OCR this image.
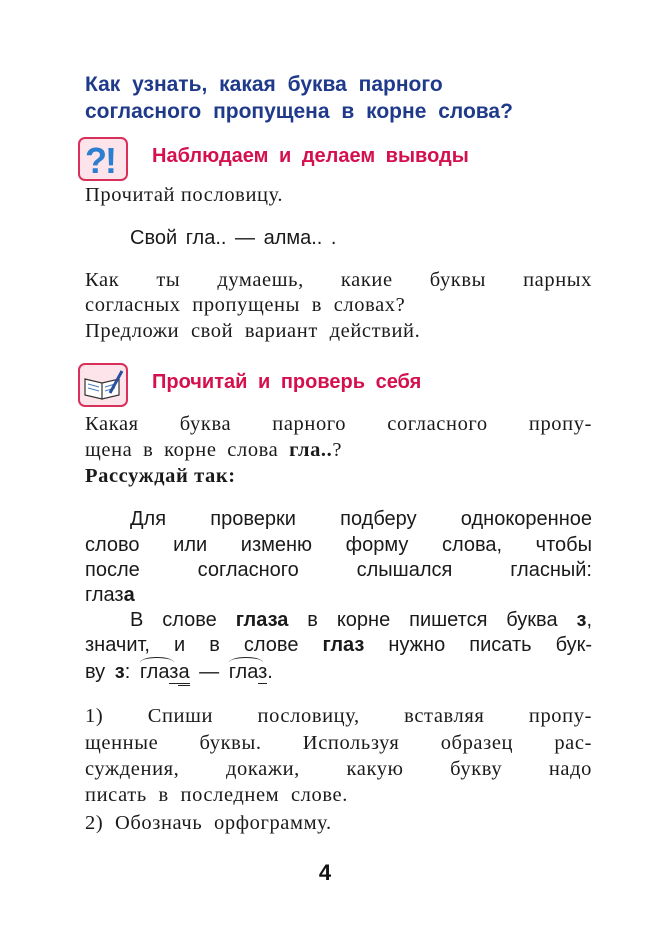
Как узнать, какая буква парного
согласного пропущена в корне слова?
?
! Наблюдаем и делаем выводы
Прочитай пословицу.
Свой гла.. — алма.. .
Как ты думаешь, какие буквы парных
согласных пропущены в словах?
Предложи свой вариант действий.
Прочитай и проверь себя
Какая буква парного согласного пропу-
щена в корне слова гла..?
Рассуждай так:
Для проверки подберу однокоренное
слово или изменю форму слова, чтобы
после согласного слышался гласный:
глаза
В слове глаза в корне пишется буква з,
значит, и в слове глаз нужно писать бук-
ву з: глаза — глаз.
1) Спиши пословицу, вставляя пропу-
щенные буквы. Используя образец рас-
суждения, докажи, какую букву надо
писать в последнем слове.
2) Обозначь орфограмму.
4
